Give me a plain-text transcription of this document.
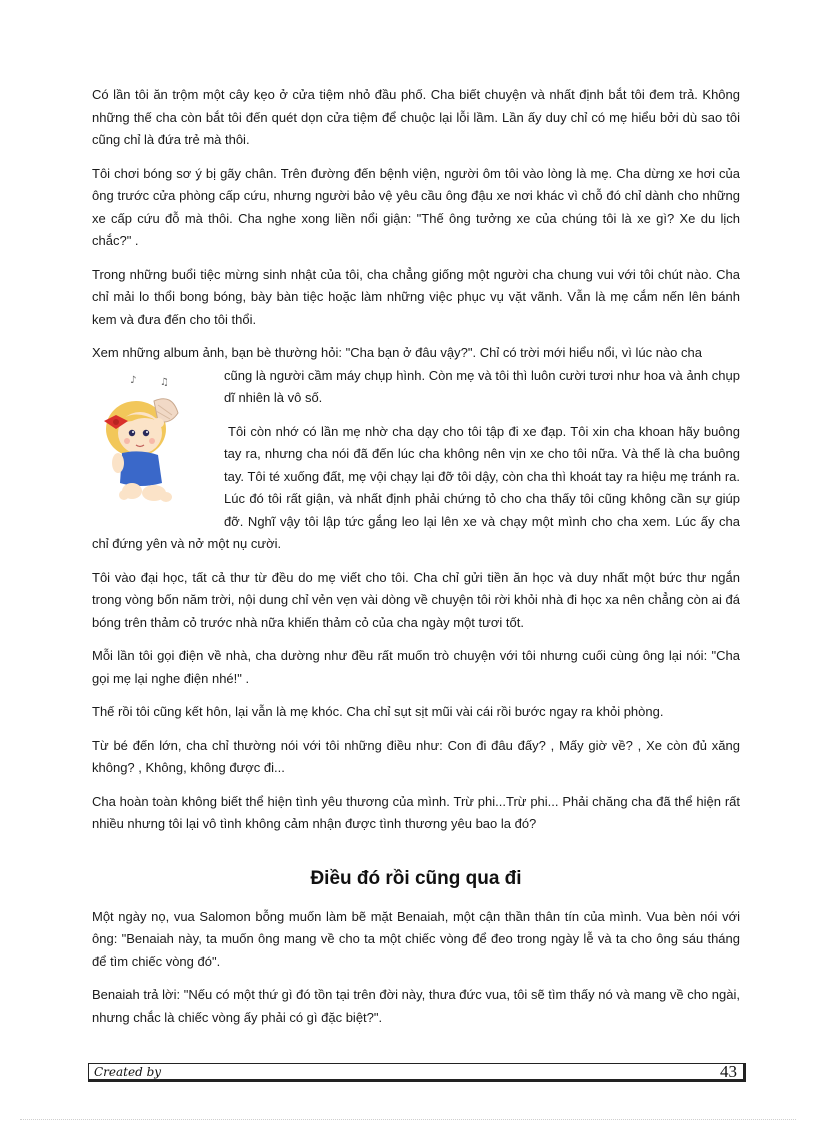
Có lần tôi ăn trộm một cây kẹo ở cửa tiệm nhỏ đầu phố. Cha biết chuyện và nhất định bắt tôi đem trả. Không những thế cha còn bắt tôi đến quét dọn cửa tiệm để chuộc lại lỗi lầm. Lần ấy duy chỉ có mẹ hiểu bởi dù sao tôi cũng chỉ là đứa trẻ mà thôi.

Tôi chơi bóng sơ ý bị gãy chân. Trên đường đến bệnh viện, người ôm tôi vào lòng là mẹ. Cha dừng xe hơi của ông trước cửa phòng cấp cứu, nhưng người bảo vệ yêu cầu ông đậu xe nơi khác vì chỗ đó chỉ dành cho những xe cấp cứu đỗ mà thôi. Cha nghe xong liền nổi giận: "Thế ông tưởng xe của chúng tôi là xe gì? Xe du lịch chắc?" .

Trong những buổi tiệc mừng sinh nhật của tôi, cha chẳng giống một người cha chung vui với tôi chút nào. Cha chỉ mải lo thổi bong bóng, bày bàn tiệc hoặc làm những việc phục vụ vặt vãnh. Vẫn là mẹ cắm nến lên bánh kem và đưa đến cho tôi thổi.

Xem những album ảnh, bạn bè thường hỏi: "Cha bạn ở đâu vậy?". Chỉ có trời mới hiểu nổi, vì lúc nào cha

♪ ♫	cũng là người cầm máy chụp hình. Còn mẹ và tôi thì luôn cười tươi như hoa và ảnh chụp dĩ nhiên là vô số.

Tôi còn nhớ có lần mẹ nhờ cha dạy cho tôi tập đi xe đạp. Tôi xin cha khoan hãy buông tay ra, nhưng cha nói đã đến lúc cha không nên vịn xe cho tôi nữa. Và thế là cha buông tay. Tôi té xuống đất, mẹ vội chạy lại đỡ tôi dậy, còn cha thì khoát tay ra hiệu mẹ tránh ra. Lúc đó tôi rất giận, và nhất định phải chứng tỏ cho cha thấy tôi cũng không cần sự giúp đỡ. Nghĩ vậy tôi lập tức gắng leo lại lên xe và chạy một mình cho cha xem. Lúc ấy cha chỉ đứng yên và nở một nụ cười.

Tôi vào đại học, tất cả thư từ đều do mẹ viết cho tôi. Cha chỉ gửi tiền ăn học và duy nhất một bức thư ngắn trong vòng bốn năm trời, nội dung chỉ vẻn vẹn vài dòng về chuyện tôi rời khỏi nhà đi học xa nên chẳng còn ai đá bóng trên thảm cỏ trước nhà nữa khiến thảm cỏ của cha ngày một tươi tốt.

Mỗi lần tôi gọi điện về nhà, cha dường như đều rất muốn trò chuyện với tôi nhưng cuối cùng ông lại nói: "Cha gọi mẹ lại nghe điện nhé!" .

Thế rồi tôi cũng kết hôn, lại vẫn là mẹ khóc. Cha chỉ sụt sịt mũi vài cái rồi bước ngay ra khỏi phòng.

Từ bé đến lớn, cha chỉ thường nói với tôi những điều như: Con đi đâu đấy? , Mấy giờ về? , Xe còn đủ xăng không? , Không, không được đi...

Cha hoàn toàn không biết thể hiện tình yêu thương của mình. Trừ phi...Trừ phi... Phải chăng cha đã thể hiện rất nhiều nhưng tôi lại vô tình không cảm nhận được tình thương yêu bao la đó?

Điều đó rồi cũng qua đi

Một ngày nọ, vua Salomon bỗng muốn làm bẽ mặt Benaiah, một cận thần thân tín của mình. Vua bèn nói với ông: "Benaiah này, ta muốn ông mang về cho ta một chiếc vòng để đeo trong ngày lễ và ta cho ông sáu tháng để tìm chiếc vòng đó".

Benaiah trả lời: "Nếu có một thứ gì đó tồn tại trên đời này, thưa đức vua, tôi sẽ tìm thấy nó và mang về cho ngài, nhưng chắc là chiếc vòng ấy phải có gì đặc biệt?".

Created by	43
